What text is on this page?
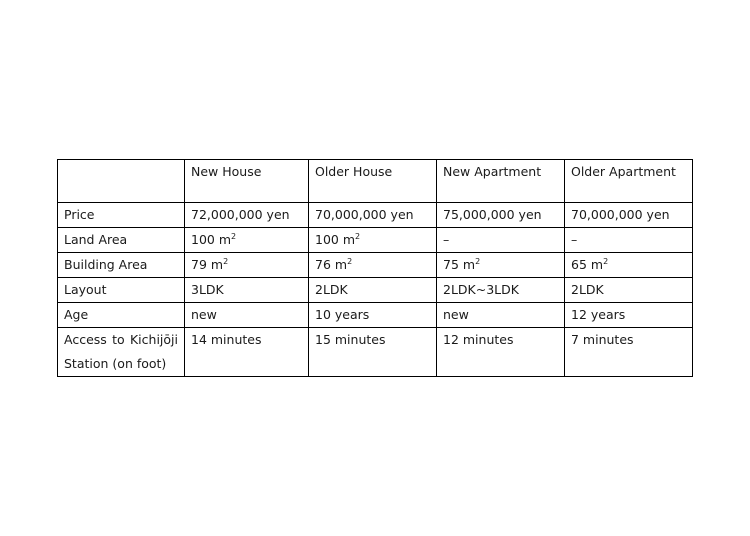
	New House	Older House	New Apartment	Older Apartment
Price	72,000,000 yen	70,000,000 yen	75,000,000 yen	70,000,000 yen
Land Area	100 $m^2$	100 $m^2$	–	–
Building Area	79 $m^2$	76 $m^2$	75 $m^2$	65 $m^2$
Layout	3LDK	2LDK	2LDK~3LDK	2LDK
Age	new	10 years	new	12 years

Access to Kichijōji
Station (on foot)	14 minutes	15 minutes	12 minutes	7 minutes
